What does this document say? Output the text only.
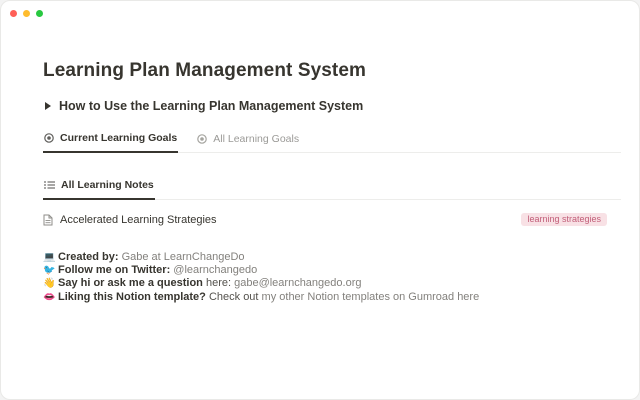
Learning Plan Management System
How to Use the Learning Plan Management System
Current Learning Goals	All Learning Goals
All Learning Notes
Accelerated Learning Strategies	learning strategies

💻 Created by:
Gabe at LearnChangeDo

🐦 Follow me on Twitter:
@learnchangedo

👋 Say hi or ask me a question
here:
gabe@learnchangedo.org

👄 Liking this Notion template?
Check out
my other Notion templates on Gumroad here
